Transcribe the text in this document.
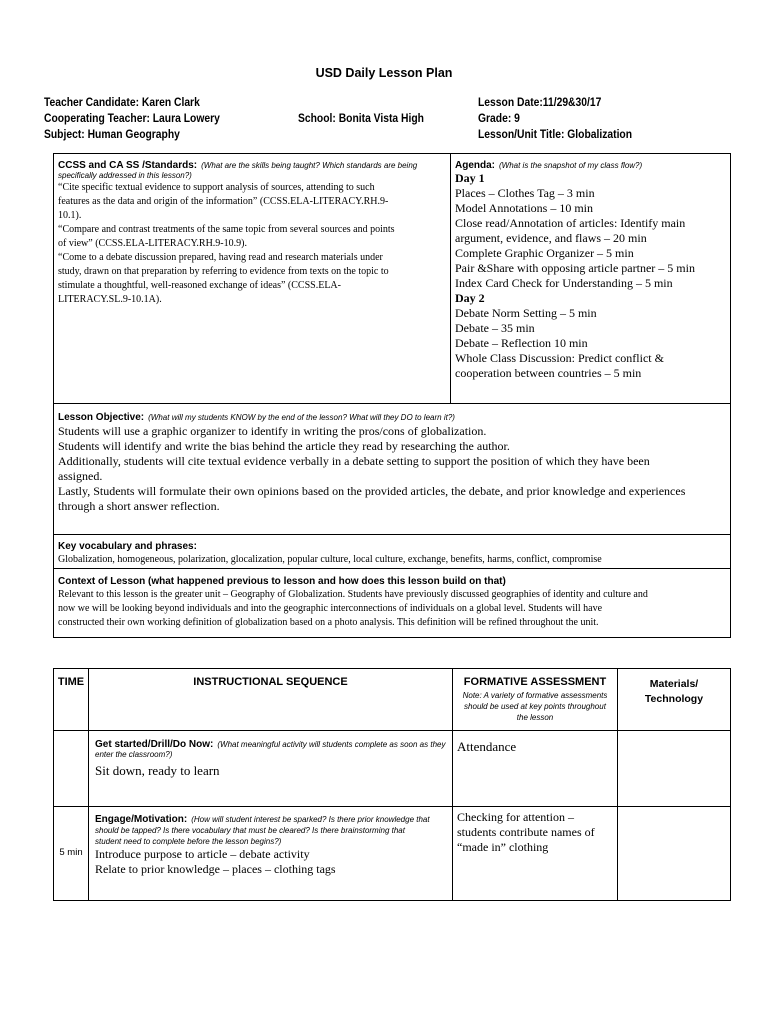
USD Daily Lesson Plan
Teacher Candidate: Karen Clark
Cooperating Teacher: Laura Lowery
Subject: Human Geography
School: Bonita Vista High
Lesson Date:11/29&30/17
Grade: 9
Lesson/Unit Title: Globalization
CCSS and CA SS /Standards: (What are the skills being taught? Which standards are being
specifically addressed in this lesson?)
“Cite specific textual evidence to support analysis of sources, attending to such
features as the data and origin of the information” (CCSS.ELA-LITERACY.RH.9-
10.1).
“Compare and contrast treatments of the same topic from several sources and points
of view” (CCSS.ELA-LITERACY.RH.9-10.9).
“Come to a debate discussion prepared, having read and research materials under
study, drawn on that preparation by referring to evidence from texts on the topic to
stimulate a thoughtful, well-reasoned exchange of ideas” (CCSS.ELA-
LITERACY.SL.9-10.1A).
Agenda: (What is the snapshot of my class flow?)
Day 1
Places – Clothes Tag – 3 min
Model Annotations – 10 min
Close read/Annotation of articles: Identify main
argument, evidence, and flaws – 20 min
Complete Graphic Organizer – 5 min
Pair &Share with opposing article partner – 5 min
Index Card Check for Understanding – 5 min
Day 2
Debate Norm Setting – 5 min
Debate – 35 min
Debate – Reflection 10 min
Whole Class Discussion: Predict conflict &
cooperation between countries – 5 min
Lesson Objective: (What will my students KNOW by the end of the lesson? What will they DO to learn it?)
Students will use a graphic organizer to identify in writing the pros/cons of globalization.
Students will identify and write the bias behind the article they read by researching the author.
Additionally, students will cite textual evidence verbally in a debate setting to support the position of which they have been
assigned.
Lastly, Students will formulate their own opinions based on the provided articles, the debate, and prior knowledge and experiences
through a short answer reflection.
Key vocabulary and phrases:
Globalization, homogeneous, polarization, glocalization, popular culture, local culture, exchange, benefits, harms, conflict, compromise
Context of Lesson (what happened previous to lesson and how does this lesson build on that)
Relevant to this lesson is the greater unit – Geography of Globalization. Students have previously discussed geographies of identity and culture and
now we will be looking beyond individuals and into the geographic interconnections of individuals on a global level. Students will have
constructed their own working definition of globalization based on a photo analysis. This definition will be refined throughout the unit.
TIME	INSTRUCTIONAL SEQUENCE	FORMATIVE ASSESSMENT
Note: A variety of formative assessments
should be used at key points throughout
the lesson
Materials/
Technology
Get started/Drill/Do Now: (What meaningful activity will students complete as soon as they
enter the classroom?)
Sit down, ready to learn
Attendance
5 min
Engage/Motivation: (How will student interest be sparked? Is there prior knowledge that
should be tapped? Is there vocabulary that must be cleared? Is there brainstorming that
student need to complete before the lesson begins?)
Introduce purpose to article – debate activity
Relate to prior knowledge – places – clothing tags
Checking for attention –
students contribute names of
“made in” clothing
